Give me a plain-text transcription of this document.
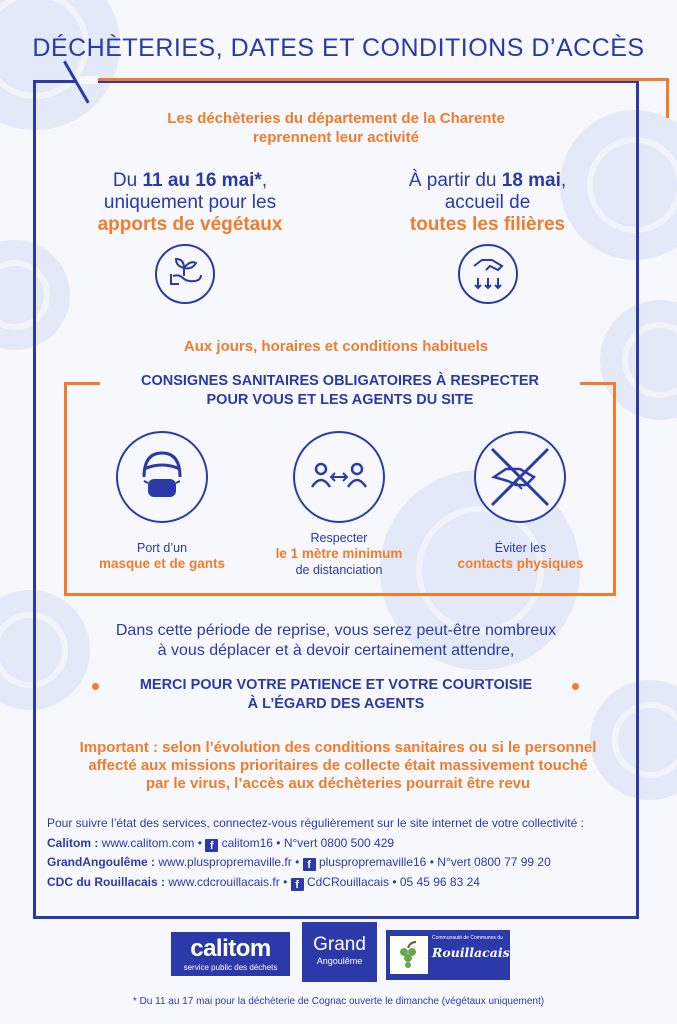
DÉCHÈTERIES, DATES ET CONDITIONS D’ACCÈS
Les déchèteries du département de la Charente
reprennent leur activité
Du 11 au 16 mai*,
uniquement pour les
apports de végétaux
À partir du 18 mai,
accueil de
toutes les filières
Aux jours, horaires et conditions habituels
CONSIGNES SANITAIRES OBLIGATOIRES À RESPECTER
POUR VOUS ET LES AGENTS DU SITE
Port d’un
masque et de gants
Respecter
le 1 mètre minimum
de distanciation
Éviter les
contacts physiques
Dans cette période de reprise, vous serez peut-être nombreux
à vous déplacer et à devoir certainement attendre,
MERCI POUR VOTRE PATIENCE ET VOTRE COURTOISIE
À L’ÉGARD DES AGENTS
Important : selon l’évolution des conditions sanitaires ou si le personnel
affecté aux missions prioritaires de collecte était massivement touché
par le virus, l’accès aux déchèteries pourrait être revu
Pour suivre l’état des services, connectez-vous régulièrement sur le site internet de votre collectivité :
Calitom : www.calitom.com • f calitom16 • N°vert 0800 500 429
GrandAngoulême : www.pluspropremaville.fr • f pluspropremaville16 • N°vert 0800 77 99 20
CDC du Rouillacais : www.cdcrouillacais.fr • f CdCRouillacais • 05 45 96 83 24
calitom
service public des déchets
Grand
Angoulême
Communauté de Communes du
Rouillacais
* Du 11 au 17 mai pour la déchèterie de Cognac ouverte le dimanche (végétaux uniquement)
